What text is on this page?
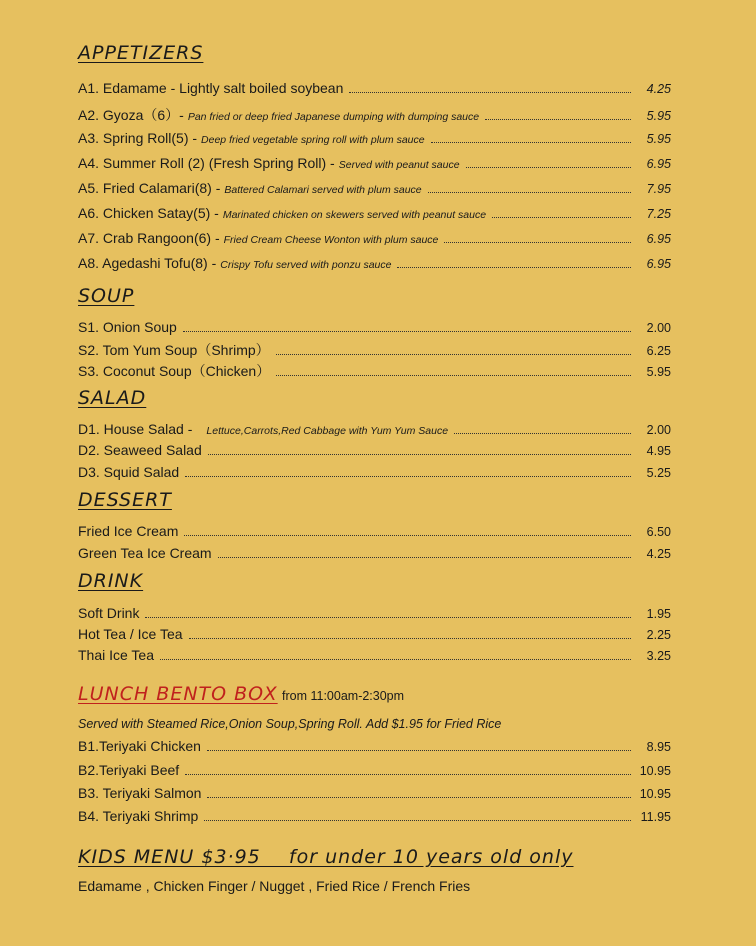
APPETIZERS
A1. Edamame - Lightly salt boiled soybean	4.25
A2. Gyoza（6）- Pan fried or deep fried Japanese dumping with dumping sauce	5.95
A3. Spring Roll(5) - Deep fried vegetable spring roll with plum sauce	5.95
A4. Summer Roll (2) (Fresh Spring Roll) - Served with peanut sauce	6.95
A5. Fried Calamari(8) - Battered Calamari served with plum sauce	7.95
A6. Chicken Satay(5) - Marinated chicken on skewers served with peanut sauce	7.25
A7. Crab Rangoon(6) - Fried Cream Cheese Wonton with plum sauce	6.95
A8. Agedashi Tofu(8) - Crispy Tofu served with ponzu sauce	6.95
SOUP
S1. Onion Soup	2.00
S2. Tom Yum Soup（Shrimp）	6.25
S3. Coconut Soup（Chicken）	5.95
SALAD
D1. House Salad - Lettuce,Carrots,Red Cabbage with Yum Yum Sauce	2.00
D2. Seaweed Salad	4.95
D3. Squid Salad	5.25
DESSERT
Fried Ice Cream	6.50
Green Tea Ice Cream	4.25
DRINK
Soft Drink	1.95
Hot Tea / Ice Tea	2.25
Thai Ice Tea	3.25
LUNCH BENTO BOX from 11:00am-2:30pm
Served with Steamed Rice,Onion Soup,Spring Roll. Add $1.95 for Fried Rice
B1.Teriyaki Chicken	8.95
B2.Teriyaki Beef	10.95
B3. Teriyaki Salmon	10.95
B4. Teriyaki Shrimp	11.95
KIDS MENU $3·95    for under 10 years old only
Edamame , Chicken Finger / Nugget , Fried Rice / French Fries
